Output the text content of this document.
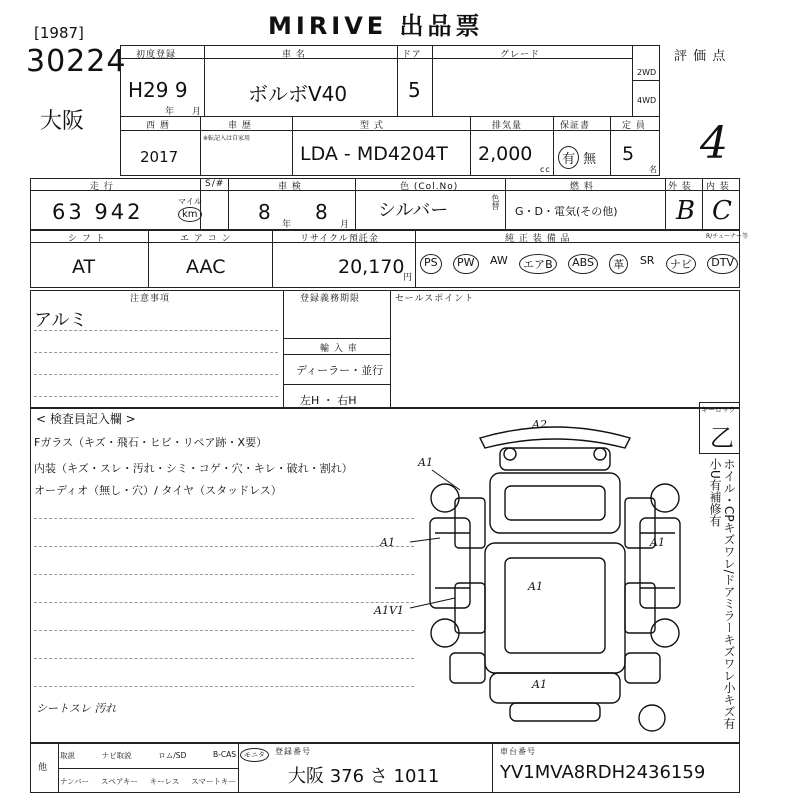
[1987]
30224
大阪
MIRIVE 出品票
初度登録
H29 9
年 月
車 名
ボルボV40
ドア
5
グレード
2WD
4WD
評 価 点
4
西 暦
2017
車 歴
※転記入は自家用
型 式
LDA - MD4204T
排気量
2,000
cc
保証書
有 無
定 員
5
名
走 行
63 942	マイル
km
S/#	車 検
8
年
8
月
色 (Col.No)
シルバー	色替
燃 料
G・D・電気(その他)
外 装
B
内 装
C
シ フ ト
AT
エ ア コ ン
AAC
リサイクル預託金
20,170
円
純 正 装 備 品	R/チューナー等
PS	PW	AW	エアB	ABS	革	SR	ナビ	DTV
注意事項
アルミ
登録義務期限
輸 入 車
ディーラー・並行
左H ・ 右H
セールスポイント
< 検査員記入欄 >
Fガラス（キズ・飛石・ヒビ・リペア跡・X要）
内装（キズ・スレ・汚れ・シミ・コゲ・穴・キレ・破れ・割れ）
オーディオ（無し・穴）/ タイヤ（スタッドレス）
シートスレ 汚れ
キーロック
乙
ホイル・CPキズワレ/ドアミラーキズワレ小キズ有小U有補修有
A2
A1
A1	A1
A1V1
A1
A1
他
取説	ナビ取説	ロム/SD	B-CAS
ナンバー スペアキー キーレス スマートキー
モニタ	登録番号
大阪 376 さ 1011
車台番号
YV1MVA8RDH2436159
